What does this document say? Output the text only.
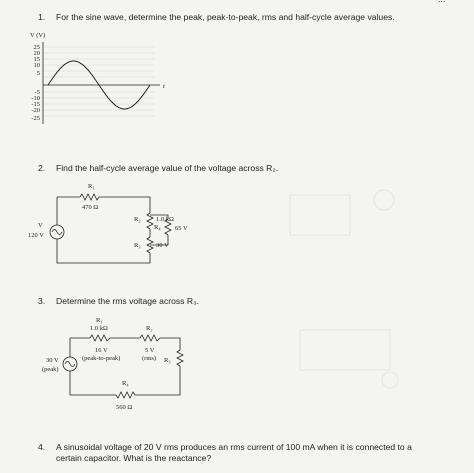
1. For the sine wave, determine the peak, peak-to-peak, rms and half-cycle average values.
V (V)
t
25
20
15
10
5
-5
-10
-15
-20
-25
2. Find the half-cycle average value of the voltage across R₂.
R₁
470 Ω
R₂ 1.0 kΩ
R₄ 65 V
R₃ 30 V
V
120 V
3. Determine the rms voltage across R₃.
R₁
1.0 kΩ	R₂
16 V
(peak-to-peak)
5 V
(rms) R₃
R₄
560 Ω
30 V
(peak)
4. A sinusoidal voltage of 20 V rms produces an rms current of 100 mA when it is connected to a
certain capacitor. What is the reactance?
